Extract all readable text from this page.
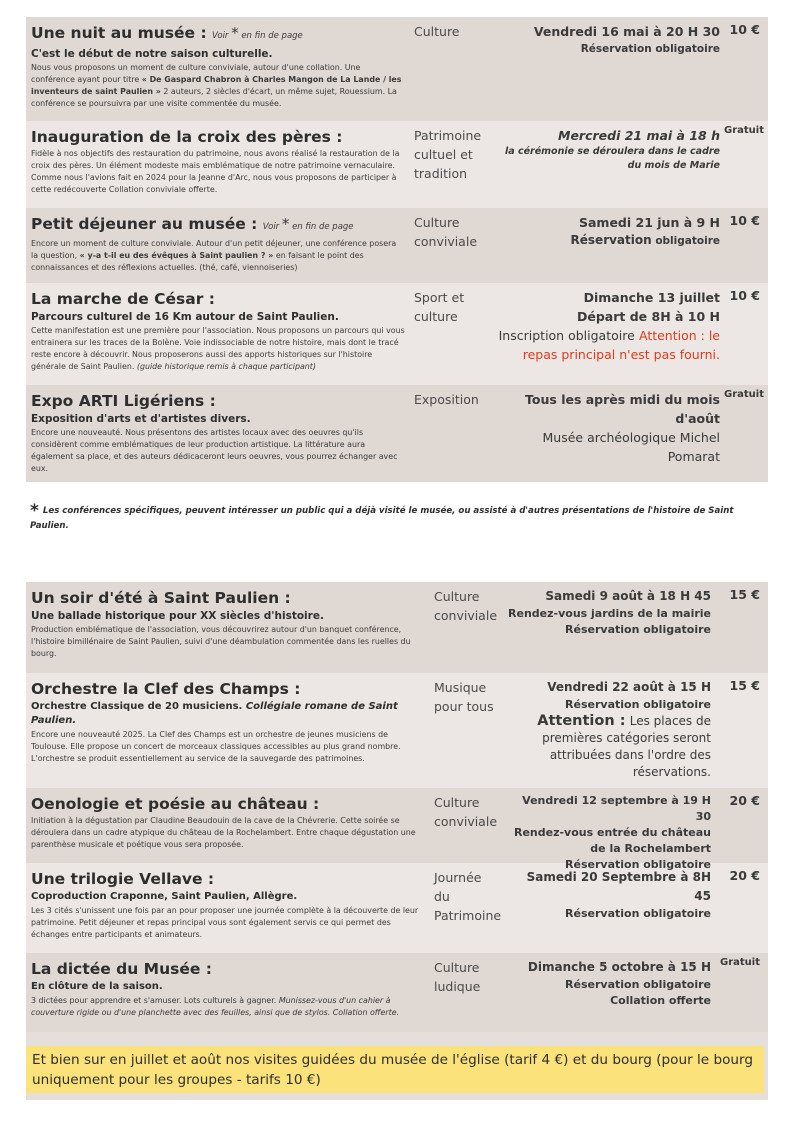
Une nuit au musée : Voir * en fin de page
C'est le début de notre saison culturelle.
Nous vous proposons un moment de culture conviviale, autour d'une collation. Une conférence ayant pour titre « De Gaspard Chabron à Charles Mangon de La Lande / les inventeurs de saint Paulien » 2 auteurs, 2 siècles d'écart, un même sujet, Rouessium. La conférence se poursuivra par une visite commentée du musée.
Culture	Vendredi 16 mai à 20 H 30
Réservation obligatoire
10 €
Inauguration de la croix des pères :
Fidèle à nos objectifs des restauration du patrimoine, nous avons réalisé la restauration de la croix des pères. Un élément modeste mais emblématique de notre patrimoine vernaculaire. Comme nous l'avions fait en 2024 pour la Jeanne d'Arc, nous vous proposons de participer à cette redécouverte Collation conviviale offerte.
Patrimoine cultuel et tradition
Mercredi 21 mai à 18 h
la cérémonie se déroulera dans le cadre du mois de Marie
Gratuit
Petit déjeuner au musée : Voir * en fin de page
Encore un moment de culture conviviale. Autour d'un petit déjeuner, une conférence posera la question, « y-a t-il eu des évêques à Saint paulien ? » en faisant le point des connaissances et des réflexions actuelles. (thé, café, viennoiseries)
Culture conviviale
Samedi 21 jun à 9 H
Réservation obligatoire
10 €
La marche de César :
Parcours culturel de 16 Km autour de Saint Paulien.
Cette manifestation est une première pour l'association. Nous proposons un parcours qui vous entrainera sur les traces de la Bolène. Voie indissociable de notre histoire, mais dont le tracé reste encore à découvrir. Nous proposerons aussi des apports historiques sur l'histoire générale de Saint Paulien. (guide historique remis à chaque participant)
Sport et culture
Dimanche 13 juillet
Départ de 8H à 10 H
Inscription obligatoire Attention : le repas principal n'est pas fourni.
10 €
Expo ARTI Ligériens :
Exposition d'arts et d'artistes divers.
Encore une nouveauté. Nous présentons des artistes locaux avec des oeuvres qu'ils considèrent comme emblématiques de leur production artistique. La littérature aura également sa place, et des auteurs dédicaceront leurs oeuvres, vous pourrez échanger avec eux.
Exposition	Tous les après midi du mois d'août
Musée archéologique Michel Pomarat
Gratuit
* Les conférences spécifiques, peuvent intéresser un public qui a déjà visité le musée, ou assisté à d'autres présentations de l'histoire de Saint Paulien.
Un soir d'été à Saint Paulien :
Une ballade historique pour XX siècles d'histoire.
Production emblématique de l'association, vous découvrirez autour d'un banquet conférence, l'histoire bimillénaire de Saint Paulien, suivi d'une déambulation commentée dans les ruelles du bourg.
Culture conviviale
Samedi 9 août à 18 H 45
Rendez-vous jardins de la mairie
Réservation obligatoire
15 €
Orchestre la Clef des Champs :
Orchestre Classique de 20 musiciens. Collégiale romane de Saint Paulien.
Encore une nouveauté 2025. La Clef des Champs est un orchestre de jeunes musiciens de Toulouse. Elle propose un concert de morceaux classiques accessibles au plus grand nombre. L'orchestre se produit essentiellement au service de la sauvegarde des patrimoines.
Musique pour tous
Vendredi 22 août à 15 H
Réservation obligatoire
Attention : Les places de premières catégories seront attribuées dans l'ordre des réservations.
15 €
Oenologie et poésie au château :
Initiation à la dégustation par Claudine Beaudouin de la cave de la Chévrerie. Cette soirée se déroulera dans un cadre atypique du château de la Rochelambert. Entre chaque dégustation une parenthèse musicale et poétique vous sera proposée.
Culture conviviale
Vendredi 12 septembre à 19 H 30
Rendez-vous entrée du château de la Rochelambert
Réservation obligatoire
20 €
Une trilogie Vellave :
Coproduction Craponne, Saint Paulien, Allègre.
Les 3 cités s'unissent une fois par an pour proposer une journée complète à la découverte de leur patrimoine. Petit déjeuner et repas principal vous sont également servis ce qui permet des échanges entre participants et animateurs.
Journée du Patrimoine
Samedi 20 Septembre à 8H 45
Réservation obligatoire
20 €
La dictée du Musée :
En clôture de la saison.
3 dictées pour apprendre et s'amuser. Lots culturels à gagner. Munissez-vous d'un cahier à couverture rigide ou d'une planchette avec des feuilles, ainsi que de stylos. Collation offerte.
Culture ludique
Dimanche 5 octobre à 15 H
Réservation obligatoire
Collation offerte
Gratuit
Et bien sur en juillet et août nos visites guidées du musée de l'église (tarif 4 €) et du bourg (pour le bourg uniquement pour les groupes - tarifs 10 €)
